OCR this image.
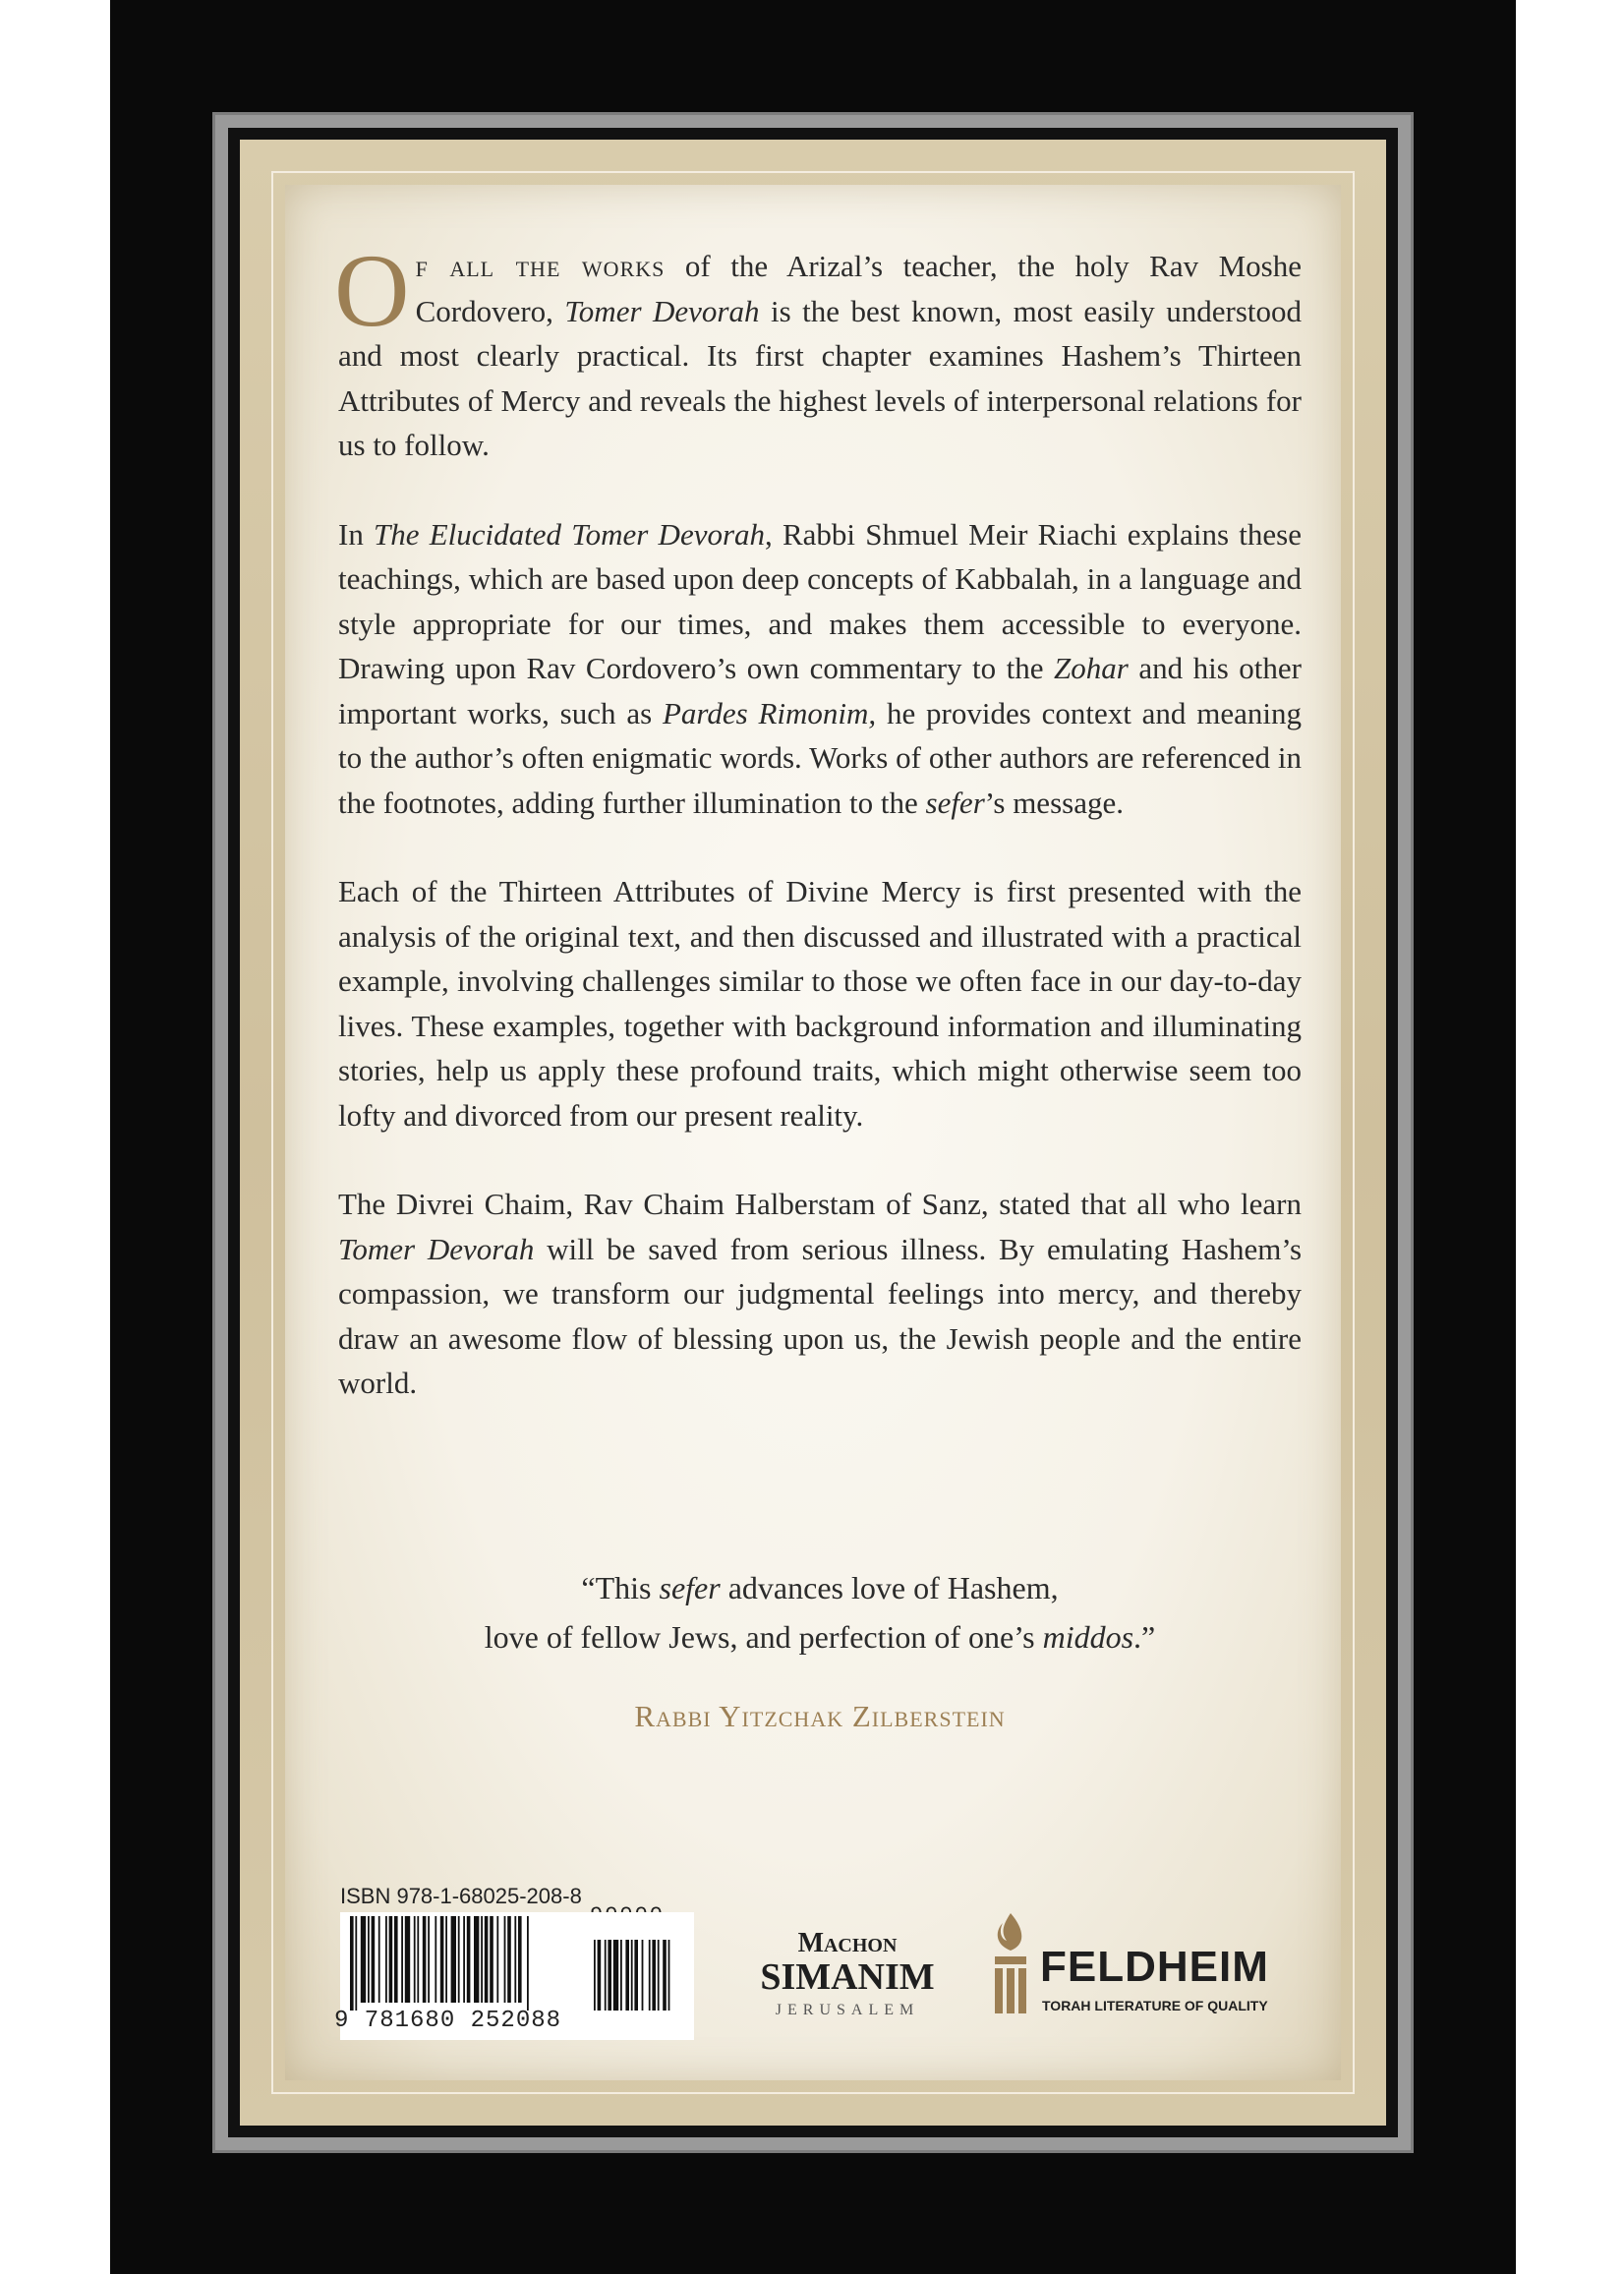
Of all the works of the Arizal’s teacher, the holy Rav Moshe Cordovero, Tomer Devorah is the best known, most easily understood and most clearly practical. Its first chapter examines Hashem’s Thirteen Attributes of Mercy and reveals the highest levels of interpersonal relations for us to follow.

In The Elucidated Tomer Devorah, Rabbi Shmuel Meir Riachi explains these teachings, which are based upon deep concepts of Kabbalah, in a language and style appropriate for our times, and makes them accessible to everyone. Drawing upon Rav Cordovero’s own commentary to the Zohar and his other important works, such as Pardes Rimonim, he provides context and meaning to the author’s often enigmatic words. Works of other authors are referenced in the footnotes, adding further illumination to the sefer’s message.

Each of the Thirteen Attributes of Divine Mercy is first presented with the analysis of the original text, and then discussed and illustrated with a practical example, involving challenges similar to those we often face in our day-to-day lives. These examples, together with background information and illuminating stories, help us apply these profound traits, which might otherwise seem too lofty and divorced from our present reality.

The Divrei Chaim, Rav Chaim Halberstam of Sanz, stated that all who learn Tomer Devorah will be saved from serious illness. By emulating Hashem’s compassion, we transform our judgmental feelings into mercy, and thereby draw an awesome flow of blessing upon us, the Jewish people and the entire world.

“This sefer advances love of Hashem,
love of fellow Jews, and perfection of one’s middos.”
Rabbi Yitzchak Zilberstein
ISBN 978-1-68025-208-8
9 781680 252088
Machon
SIMANIM
JERUSALEM
FELDHEIM
TORAH LITERATURE OF QUALITY
